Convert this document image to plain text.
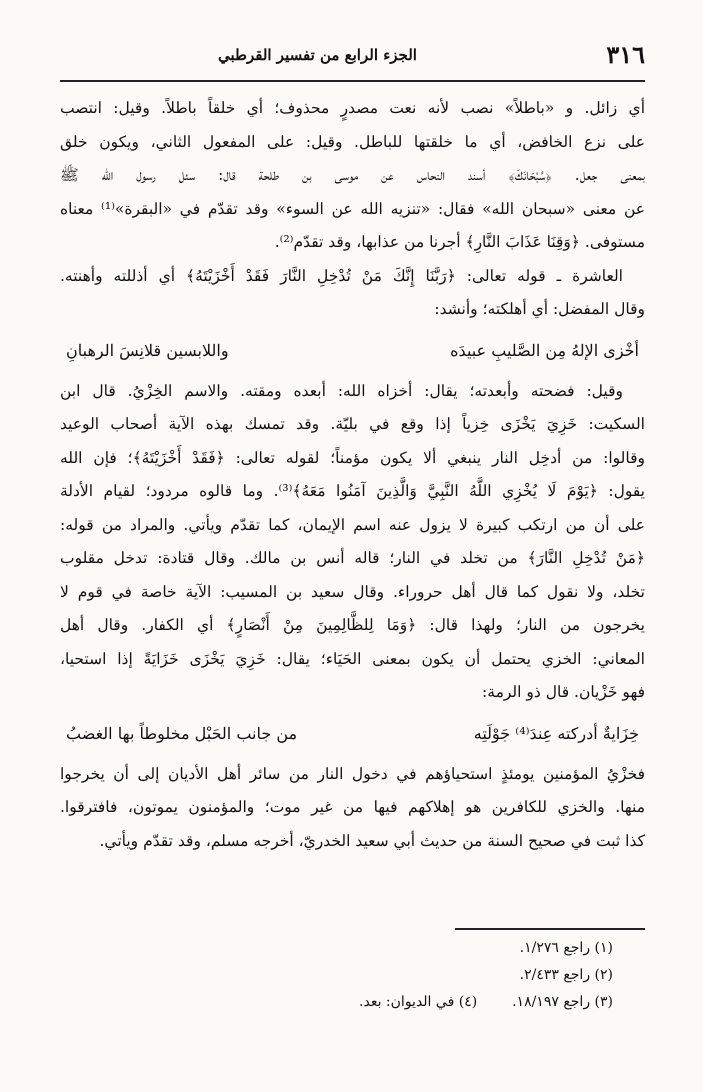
٣١٦
الجزء الرابع من تفسير القرطبي
أي زائل. و «باطلاً» نصب لأنه نعت مصدرٍ محذوف؛ أي خلقاً باطلاً. وقيل: انتصب
على نزع الخافض، أي ما خلقتها للباطل. وقيل: على المفعول الثاني، ويكون خلق
بمعنى جعل. ﴿سُبْحَانَكَ﴾ أسند النحاس عن موسى بن طلحة قال: سئل رسول الله ﷺ
عن معنى «سبحان الله» فقال: «تنزيه الله عن السوء» وقد تقدّم في «البقرة»⁽¹⁾ معناه
مستوفى. ﴿وَقِنَا عَذَابَ النَّارِ﴾ أجرنا من عذابها، وقد تقدّم⁽²⁾.
العاشرة ـ قوله تعالى: ﴿رَبَّنَا إِنَّكَ مَنْ تُدْخِلِ النَّارَ فَقَدْ أَخْزَيْتَهُ﴾ أي أذللته وأهنته.
وقال المفضل: أي أهلكته؛ وأنشد:
أخْزى الإلهُ مِن الصَّليبِ عبيدَه
واللابسين قلانِسَ الرهبانِ
وقيل: فضحته وأبعدته؛ يقال: أخزاه الله: أبعده ومقته. والاسم الخِزْيُ. قال ابن
السكيت: خَزِيَ يَخْزَى خِزياً إذا وقع في بليّة. وقد تمسك بهذه الآية أصحاب الوعيد
وقالوا: من أدخِل النار ينبغي ألا يكون مؤمناً؛ لقوله تعالى: ﴿فَقَدْ أَخْزَيْتَهُ﴾؛ فإن الله
يقول: ﴿يَوْمَ لَا يُخْزِي اللَّهُ النَّبِيَّ وَالَّذِينَ آمَنُوا مَعَهُ﴾⁽³⁾. وما قالوه مردود؛ لقيام الأدلة
على أن من ارتكب كبيرة لا يزول عنه اسم الإيمان، كما تقدّم ويأتي. والمراد من قوله:
﴿مَنْ تُدْخِلِ النَّارَ﴾ من تخلد في النار؛ قاله أنس بن مالك. وقال قتادة: تدخل مقلوب
تخلد، ولا نقول كما قال أهل حروراء. وقال سعيد بن المسيب: الآية خاصة في قوم لا
يخرجون من النار؛ ولهذا قال: ﴿وَمَا لِلظَّالِمِينَ مِنْ أَنْصَارٍ﴾ أي الكفار. وقال أهل
المعاني: الخزي يحتمل أن يكون بمعنى الحَيَاء؛ يقال: خَزِيَ يَخْزَى خَزَايَةً إذا استحيا،
فهو خَزْيان. قال ذو الرمة:
خِزَايةٌ أدركته عِندَ⁽⁴⁾ جَوْلَتِه
من جانب الحَبْل مخلوطاً بها الغضبُ
فخزْيُ المؤمنين يومئذٍ استحياؤهم في دخول النار من سائر أهل الأديان إلى أن يخرجوا
منها. والخزي للكافرين هو إهلاكهم فيها من غير موت؛ والمؤمنون يموتون، فافترقوا.
كذا ثبت في صحيح السنة من حديث أبي سعيد الخدريّ، أخرجه مسلم، وقد تقدّم ويأتي.
(١) راجع ١/٢٧٦.
(٢) راجع ٢/٤٣٣.
(٣) راجع ١٨/١٩٧.  (٤) في الديوان: بعد.
